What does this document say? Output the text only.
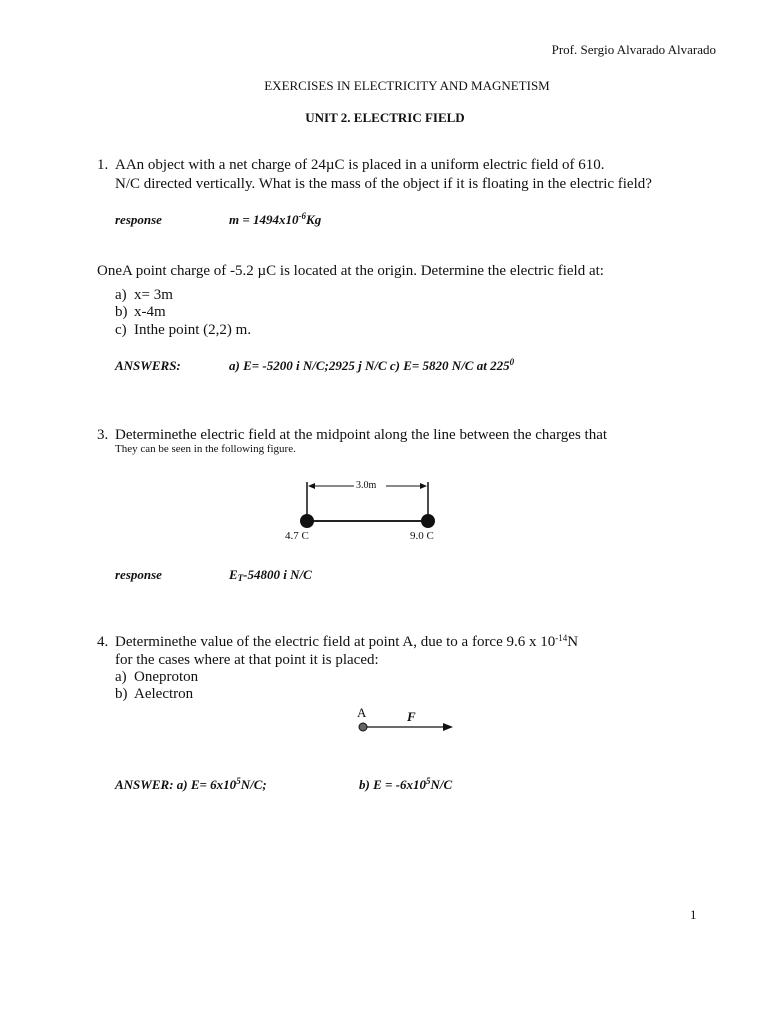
Prof. Sergio Alvarado Alvarado
EXERCISES IN ELECTRICITY AND MAGNETISM
UNIT 2. ELECTRIC FIELD
1. AAn object with a net charge of 24µC is placed in a uniform electric field of 610.
N/C directed vertically. What is the mass of the object if it is floating in the electric field?
response	$m = 1494x10^{-6}Kg$
OneA point charge of -5.2 µC is located at the origin. Determine the electric field at:
a) x= 3m
b) x-4m
c) Inthe point (2,2) m.
ANSWERS:	a) E= -5200 i N/C;2925 j N/C c) E= 5820 N/C at $225^0$
3. Determinethe electric field at the midpoint along the line between the charges that
They can be seen in the following figure.
3.0m
4.7 C	9.0 C
response	$E_T-54800$ i N/C
4. Determinethe value of the electric field at point A, due to a force 9.6 x $10^{-14}N$
for the cases where at that point it is placed:
a) Oneproton
b) Aelectron
A	F
ANSWER: a) $E= 6x10^5N/C$;	b) $E = -6x10^5N/C$
1
